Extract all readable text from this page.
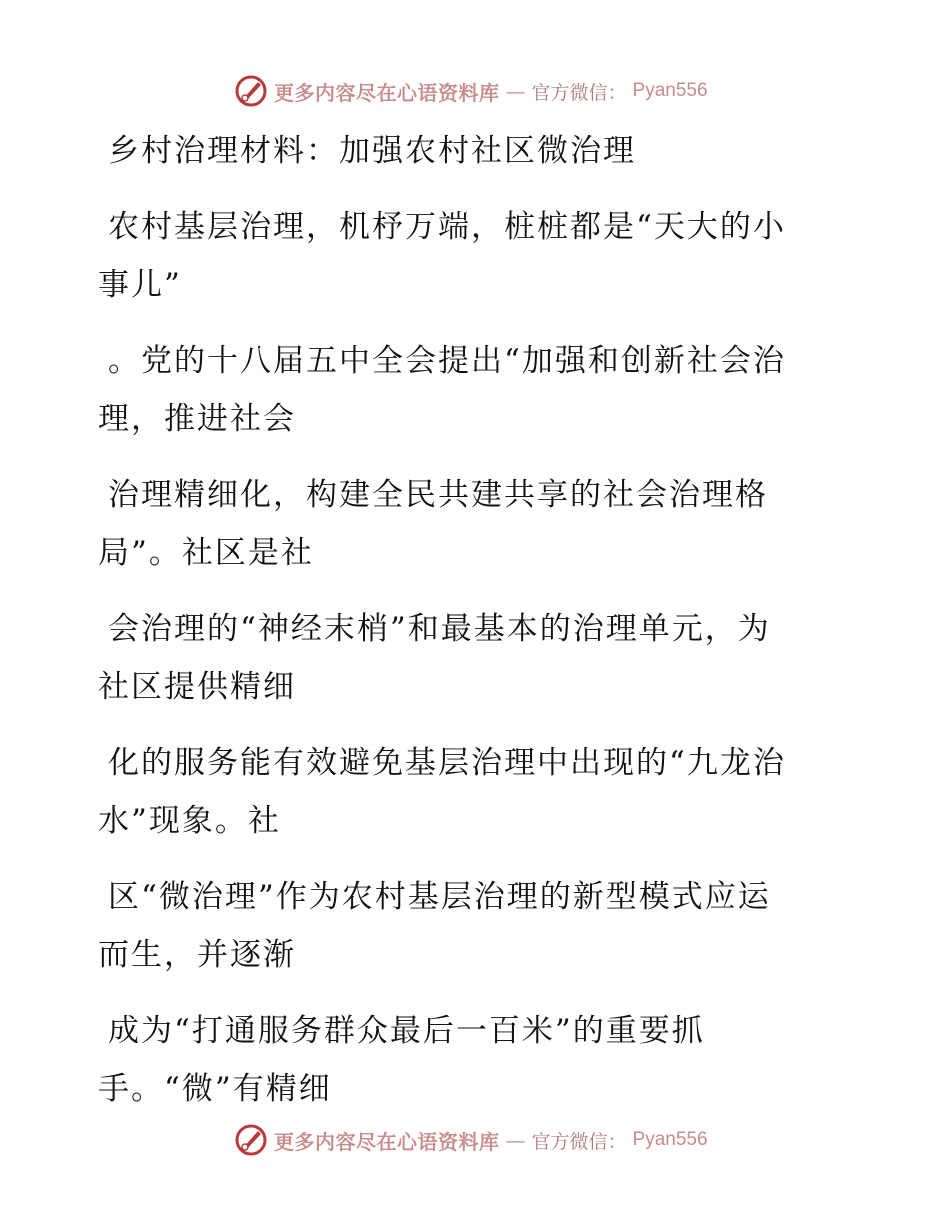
更多内容尽在心语资料库 — 官方微信： Pyan556
乡村治理材料：加强农村社区微治理
农村基层治理，机杼万端，桩桩都是“天大的小
事儿”
。党的十八届五中全会提出“加强和创新社会治
理，推进社会
治理精细化，构建全民共建共享的社会治理格
局”。社区是社
会治理的“神经末梢”和最基本的治理单元，为
社区提供精细
化的服务能有效避免基层治理中出现的“九龙治
水”现象。社
区“微治理”作为农村基层治理的新型模式应运
而生，并逐渐
成为“打通服务群众最后一百米”的重要抓
手。“微”有精细
更多内容尽在心语资料库 — 官方微信： Pyan556
